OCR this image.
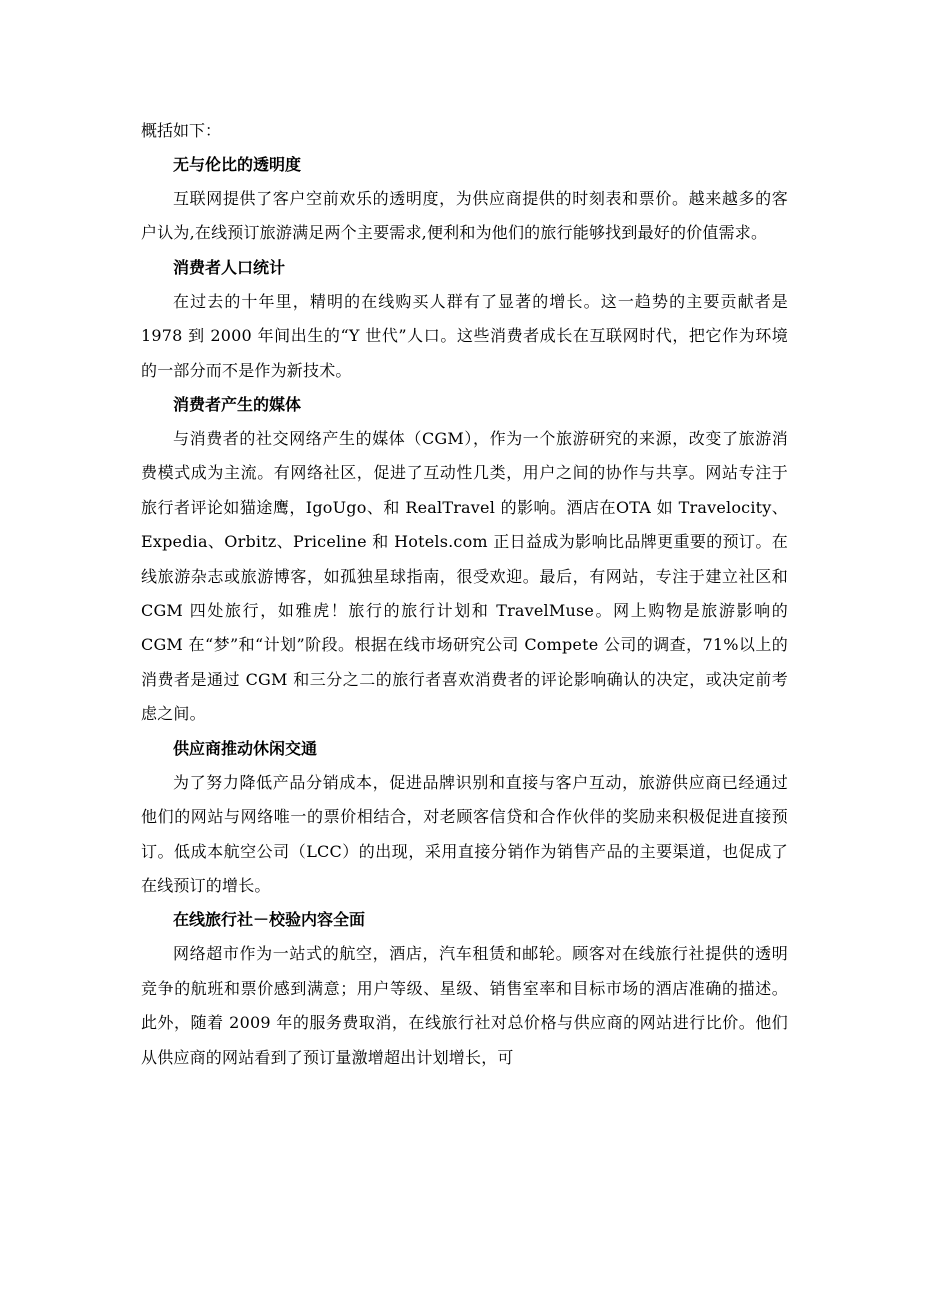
概括如下：

无与伦比的透明度

互联网提供了客户空前欢乐的透明度，为供应商提供的时刻表和票价。越来越多的客户认为,在线预订旅游满足两个主要需求,便利和为他们的旅行能够找到最好的价值需求。

消费者人口统计

在过去的十年里，精明的在线购买人群有了显著的增长。这一趋势的主要贡献者是 1978 到 2000 年间出生的“Y 世代”人口。这些消费者成长在互联网时代，把它作为环境的一部分而不是作为新技术。

消费者产生的媒体

与消费者的社交网络产生的媒体（CGM），作为一个旅游研究的来源，改变了旅游消费模式成为主流。有网络社区，促进了互动性几类，用户之间的协作与共享。网站专注于旅行者评论如猫途鹰，IgoUgo、和 RealTravel 的影响。酒店在OTA 如 Travelocity、Expedia、Orbitz、Priceline 和 Hotels.com 正日益成为影响比品牌更重要的预订。在线旅游杂志或旅游博客，如孤独星球指南，很受欢迎。最后，有网站，专注于建立社区和 CGM 四处旅行，如雅虎！旅行的旅行计划和 TravelMuse。网上购物是旅游影响的 CGM 在“梦”和“计划”阶段。根据在线市场研究公司 Compete 公司的调查，71%以上的消费者是通过 CGM 和三分之二的旅行者喜欢消费者的评论影响确认的决定，或决定前考虑之间。

供应商推动休闲交通

为了努力降低产品分销成本，促进品牌识别和直接与客户互动，旅游供应商已经通过他们的网站与网络唯一的票价相结合，对老顾客信贷和合作伙伴的奖励来积极促进直接预订。低成本航空公司（LCC）的出现，采用直接分销作为销售产品的主要渠道，也促成了在线预订的增长。

在线旅行社－校验内容全面

网络超市作为一站式的航空，酒店，汽车租赁和邮轮。顾客对在线旅行社提供的透明竞争的航班和票价感到满意；用户等级、星级、销售室率和目标市场的酒店准确的描述。此外，随着 2009 年的服务费取消，在线旅行社对总价格与供应商的网站进行比价。他们从供应商的网站看到了预订量激增超出计划增长，可
